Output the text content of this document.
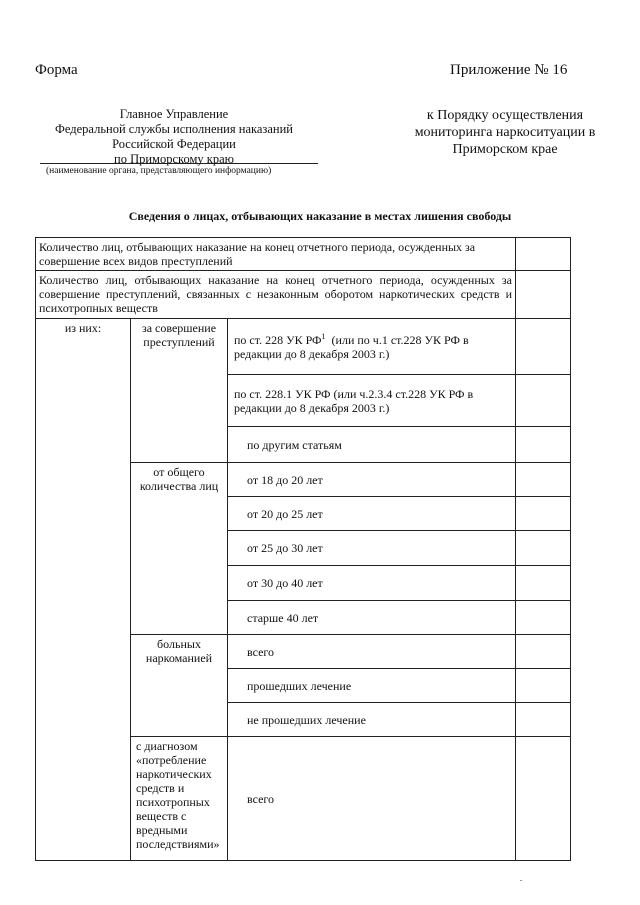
Форма	Приложение № 16
Главное Управление
Федеральной службы исполнения наказаний
Российской Федерации
по Приморскому краю
(наименование органа, представляющего информацию)
к Порядку осуществления
мониторинга наркоситуации в
Приморском крае
Сведения о лицах, отбывающих наказание в местах лишения свободы
Количество лиц, отбывающих наказание на конец отчетного периода, осужденных за совершение всех видов преступлений			
Количество лиц, отбывающих наказание на конец отчетного периода, осужденных за совершение преступлений, связанных с незаконным оборотом наркотических средств и психотропных веществ			
из них:	за совершение преступлений	по ст. 228 УК $РФ^1$ (или по ч.1 ст.228 УК РФ в редакции до 8 декабря 2003 г.)	
		по ст. 228.1 УК РФ (или ч.2.3.4 ст.228 УК РФ в редакции до 8 декабря 2003 г.)	
		по другим статьям	
	от общего количества лиц	от 18 до 20 лет	
		от 20 до 25 лет	
		от 25 до 30 лет	
		от 30 до 40 лет	
		старше 40 лет	
	больных наркоманией	всего	
		прошедших лечение	
		не прошедших лечение	
	с диагнозом «потребление наркотических средств и психотропных веществ с вредными последствиями»	всего	
